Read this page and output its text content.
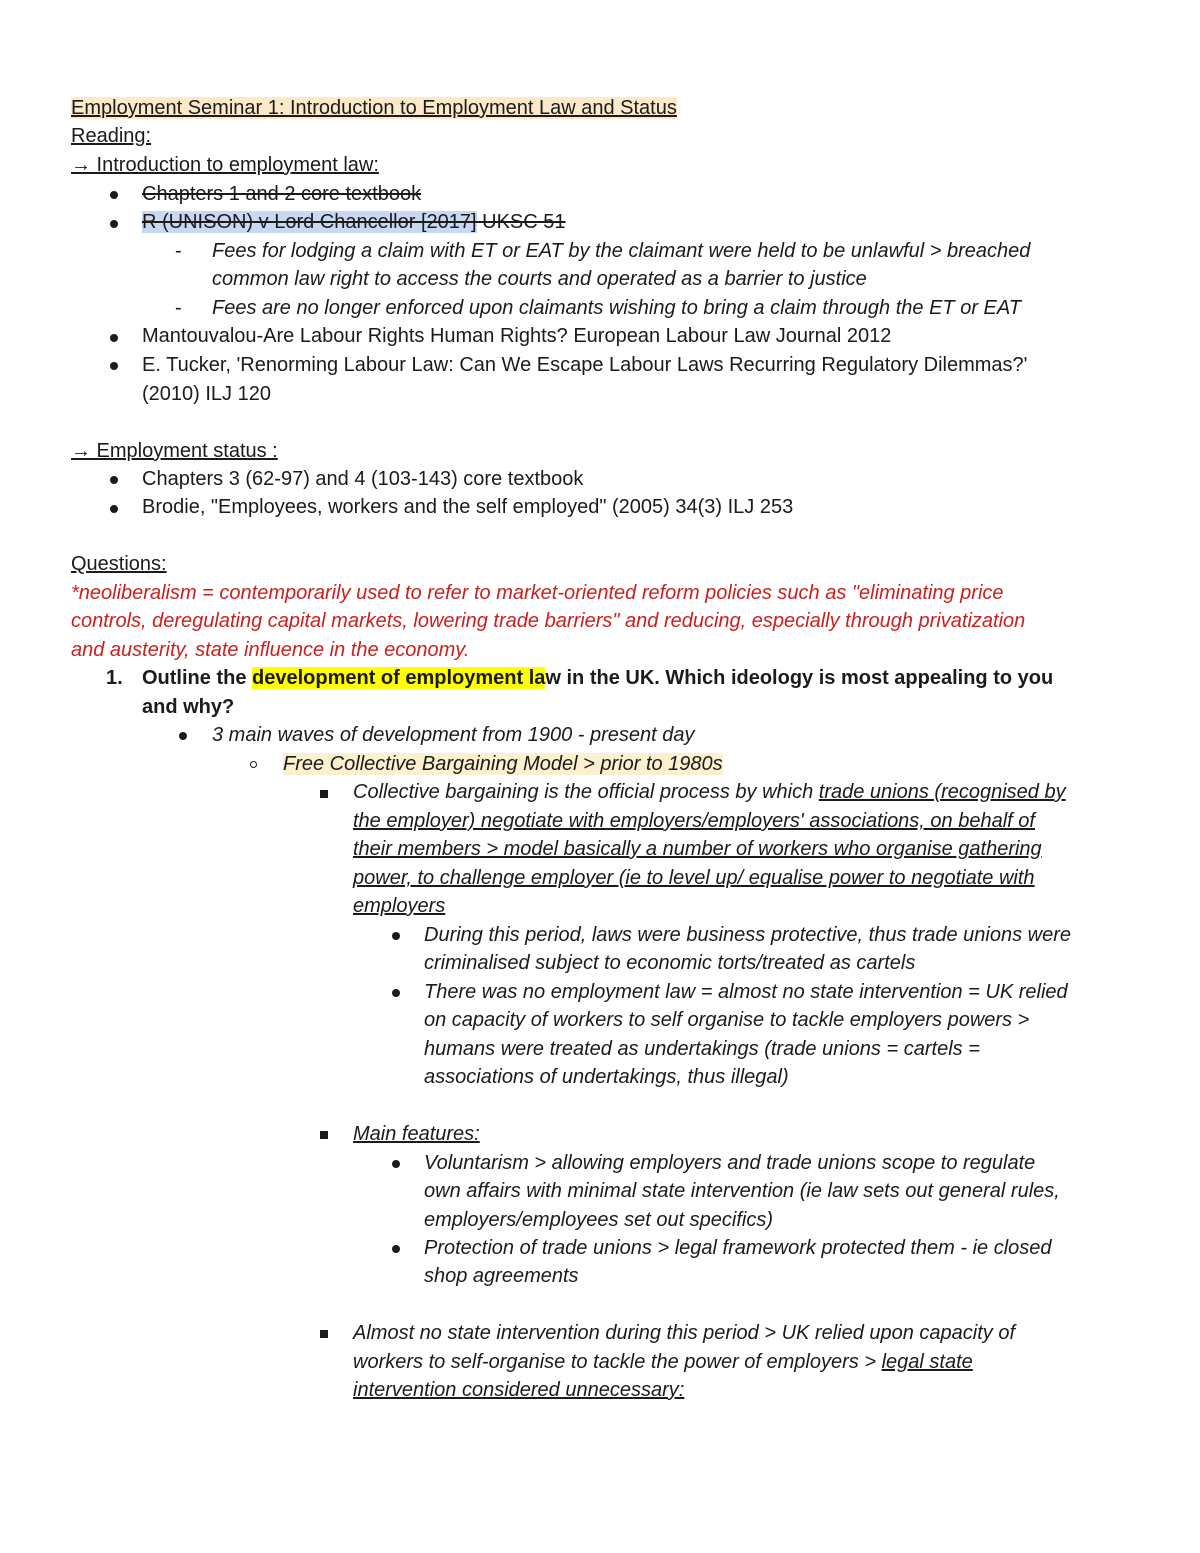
Employment Seminar 1: Introduction to Employment Law and Status
Reading:
→ Introduction to employment law:
Chapters 1 and 2 core textbook
R (UNISON) v Lord Chancellor [2017] UKSC 51
- Fees for lodging a claim with ET or EAT by the claimant were held to be unlawful > breached
common law right to access the courts and operated as a barrier to justice
- Fees are no longer enforced upon claimants wishing to bring a claim through the ET or EAT
Mantouvalou-Are Labour Rights Human Rights? European Labour Law Journal 2012
E. Tucker, 'Renorming Labour Law: Can We Escape Labour Laws Recurring Regulatory Dilemmas?'
(2010) ILJ 120
→ Employment status :
Chapters 3 (62-97) and 4 (103-143) core textbook
Brodie, "Employees, workers and the self employed" (2005) 34(3) ILJ 253
Questions:
*neoliberalism = contemporarily used to refer to market-oriented reform policies such as "eliminating price
controls, deregulating capital markets, lowering trade barriers" and reducing, especially through privatization
and austerity, state influence in the economy.
1. Outline the development of employment law in the UK. Which ideology is most appealing to you
and why?
3 main waves of development from 1900 - present day
Free Collective Bargaining Model > prior to 1980s
Collective bargaining is the official process by which trade unions (recognised by
the employer) negotiate with employers/employers' associations, on behalf of
their members > model basically a number of workers who organise gathering
power, to challenge employer (ie to level up/ equalise power to negotiate with
employers
During this period, laws were business protective, thus trade unions were
criminalised subject to economic torts/treated as cartels
There was no employment law = almost no state intervention = UK relied
on capacity of workers to self organise to tackle employers powers >
humans were treated as undertakings (trade unions = cartels =
associations of undertakings, thus illegal)
Main features:
Voluntarism > allowing employers and trade unions scope to regulate
own affairs with minimal state intervention (ie law sets out general rules,
employers/employees set out specifics)
Protection of trade unions > legal framework protected them - ie closed
shop agreements
Almost no state intervention during this period > UK relied upon capacity of
workers to self-organise to tackle the power of employers > legal state
intervention considered unnecessary:
